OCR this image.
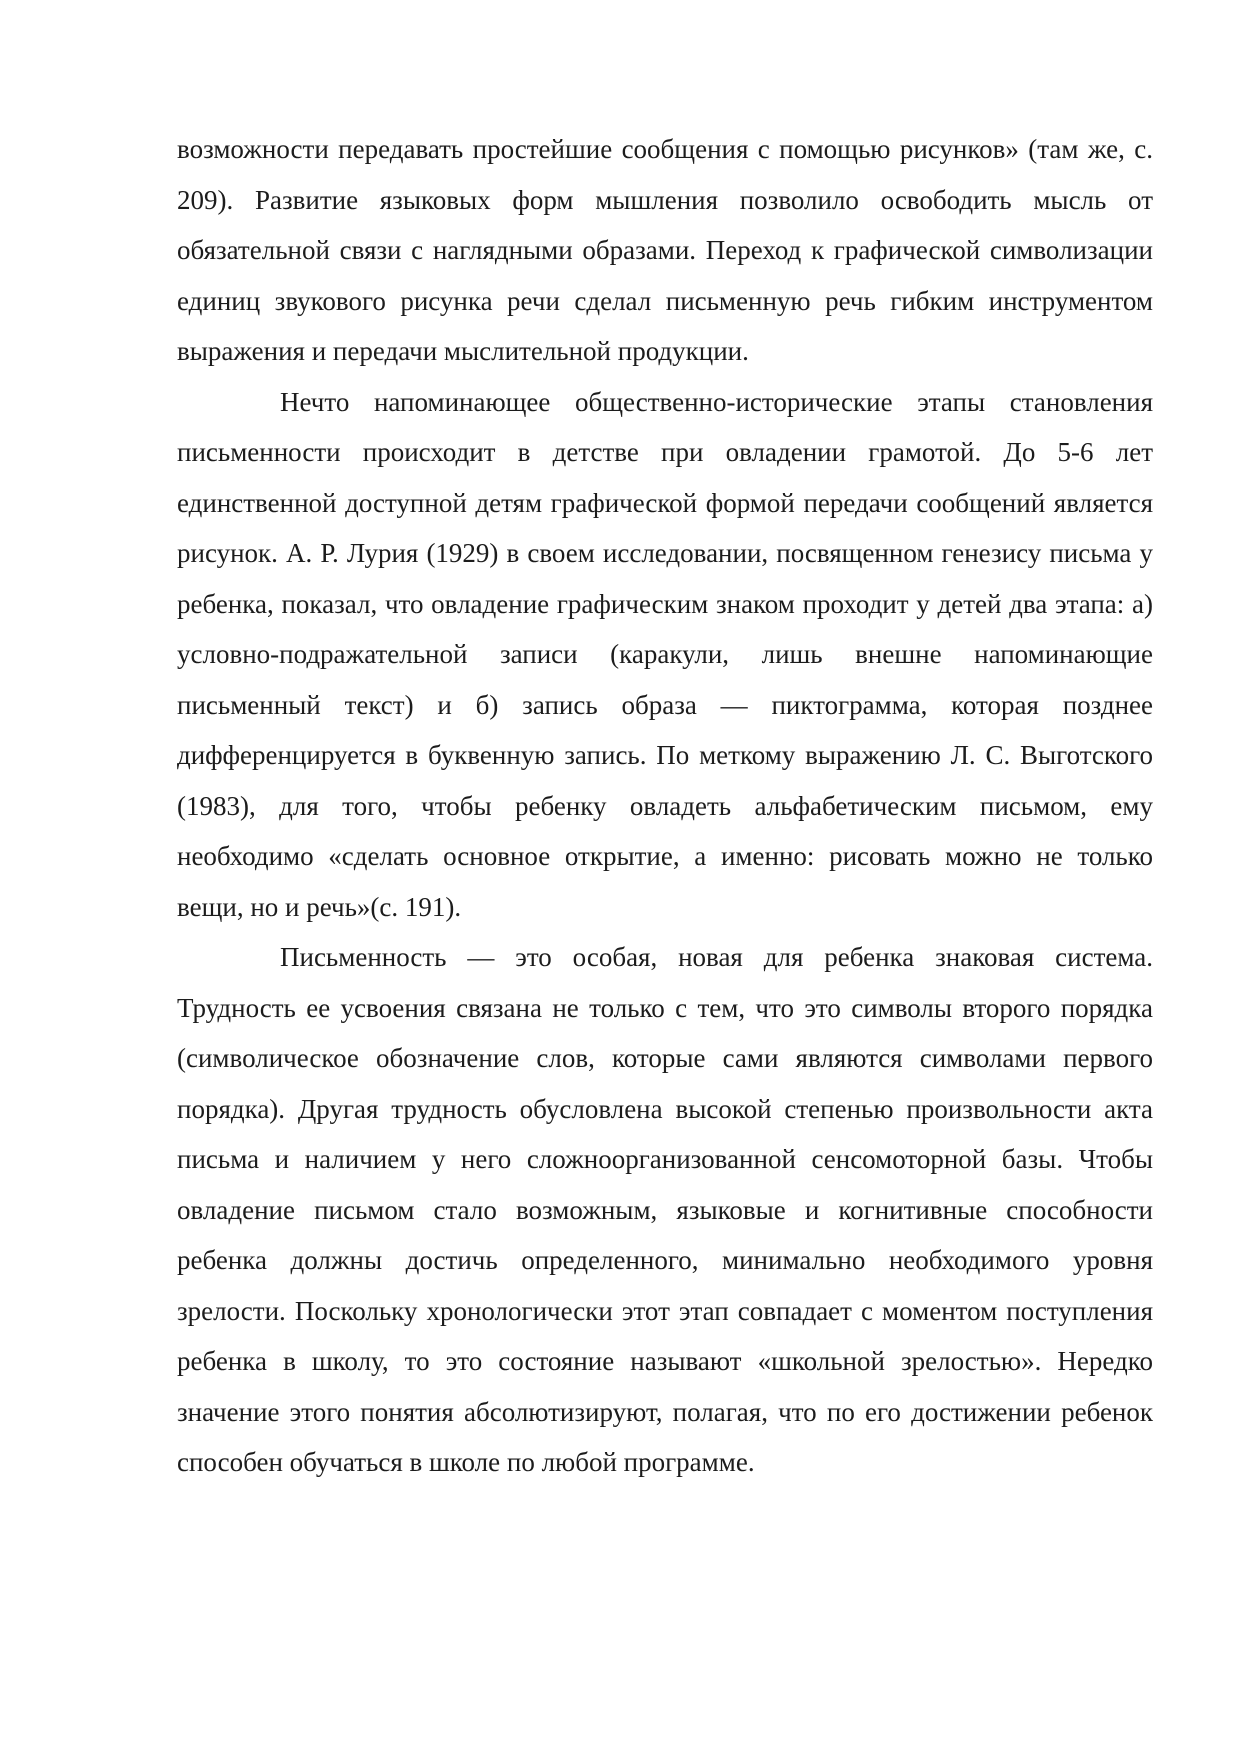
возможности передавать простейшие сообщения с помощью рисунков» (там же, с. 209). Развитие языковых форм мышления позволило освободить мысль от обязательной связи с наглядными образами. Переход к графической символизации единиц звукового рисунка речи сделал письменную речь гибким инструментом выражения и передачи мыслительной продукции.

Нечто напоминающее общественно-исторические этапы становления письменности происходит в детстве при овладении грамотой. До 5-6 лет единственной доступной детям графической формой передачи сообщений является рисунок. А. Р. Лурия (1929) в своем исследовании, посвященном генезису письма у ребенка, показал, что овладение графическим знаком проходит у детей два этапа: а) условно-подражательной записи (каракули, лишь внешне напоминающие письменный текст) и б) запись образа — пиктограмма, которая позднее дифференцируется в буквенную запись. По меткому выражению Л. С. Выготского (1983), для того, чтобы ребенку овладеть альфабетическим письмом, ему необходимо «сделать основное открытие, а именно: рисовать можно не только вещи, но и речь»(с. 191).

Письменность — это особая, новая для ребенка знаковая система. Трудность ее усвоения связана не только с тем, что это символы второго порядка (символическое обозначение слов, которые сами являются символами первого порядка). Другая трудность обусловлена высокой степенью произвольности акта письма и наличием у него сложноорганизованной сенсомоторной базы. Чтобы овладение письмом стало возможным, языковые и когнитивные способности ребенка должны достичь определенного, минимально необходимого уровня зрелости. Поскольку хронологически этот этап совпадает с моментом поступления ребенка в школу, то это состояние называют «школьной зрелостью». Нередко значение этого понятия абсолютизируют, полагая, что по его достижении ребенок способен обучаться в школе по любой программе.
